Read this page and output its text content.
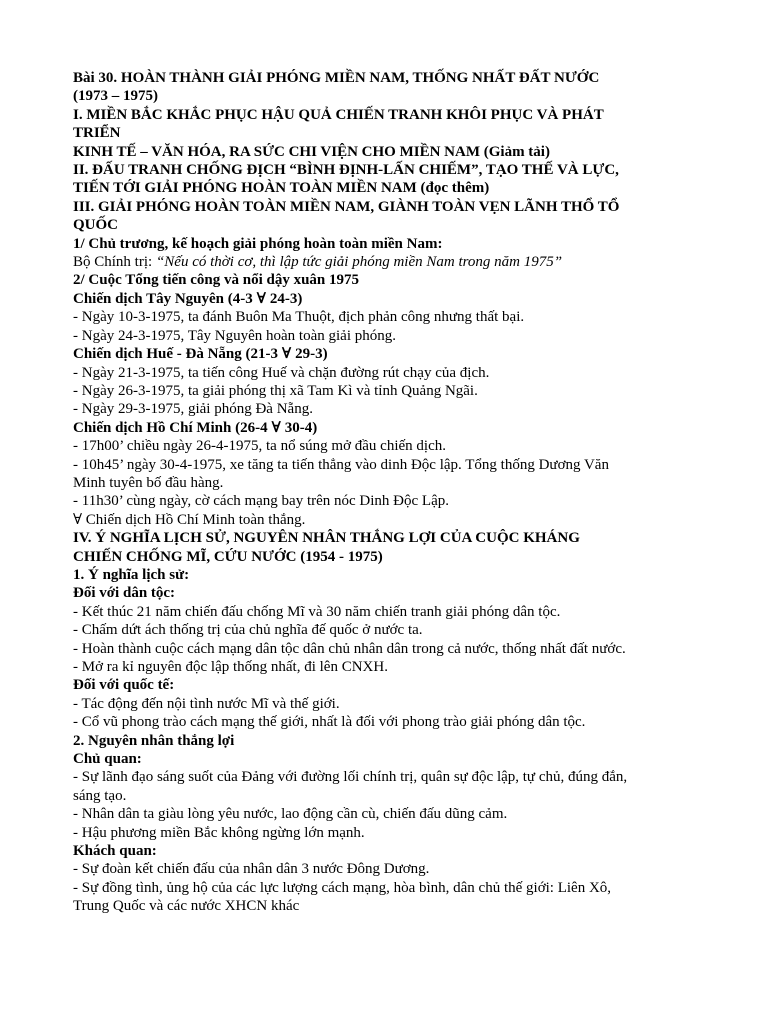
Bài 30. HOÀN THÀNH GIẢI PHÓNG MIỀN NAM, THỐNG NHẤT ĐẤT NƯỚC

(1973 – 1975)

I. MIỀN BẮC KHẮC PHỤC HẬU QUẢ CHIẾN TRANH KHÔI PHỤC VÀ PHÁT

TRIỂN

KINH TẾ – VĂN HÓA, RA SỨC CHI VIỆN CHO MIỀN NAM (Giảm tải)

II. ĐẤU TRANH CHỐNG ĐỊCH “BÌNH ĐỊNH-LẤN CHIẾM”, TẠO THẾ VÀ LỰC,

TIẾN TỚI GIẢI PHÓNG HOÀN TOÀN MIỀN NAM (đọc thêm)

III. GIẢI PHÓNG HOÀN TOÀN MIỀN NAM, GIÀNH TOÀN VẸN LÃNH THỔ TỔ

QUỐC

1/ Chủ trương, kế hoạch giải phóng hoàn toàn miền Nam:

Bộ Chính trị: “Nếu có thời cơ, thì lập tức giải phóng miền Nam trong năm 1975”

2/ Cuộc Tổng tiến công và nổi dậy xuân 1975

Chiến dịch Tây Nguyên (4-3 ∀ 24-3)

- Ngày 10-3-1975, ta đánh Buôn Ma Thuột, địch phản công nhưng thất bại.

- Ngày 24-3-1975, Tây Nguyên hoàn toàn giải phóng.

Chiến dịch Huế - Đà Nẵng (21-3 ∀ 29-3)

- Ngày 21-3-1975, ta tiến công Huế và chặn đường rút chạy của địch.

- Ngày 26-3-1975, ta giải phóng thị xã Tam Kì và tỉnh Quảng Ngãi.

- Ngày 29-3-1975, giải phóng Đà Nẵng.

Chiến dịch Hồ Chí Minh (26-4 ∀ 30-4)

- 17h00’ chiều ngày 26-4-1975, ta nổ súng mở đầu chiến dịch.

- 10h45’ ngày 30-4-1975, xe tăng ta tiến thẳng vào dinh Độc lập. Tổng thống Dương Văn

Minh tuyên bố đầu hàng.

- 11h30’ cùng ngày, cờ cách mạng bay trên nóc Dinh Độc Lập.

∀ Chiến dịch Hồ Chí Minh toàn thắng.

IV. Ý NGHĨA LỊCH SỬ, NGUYÊN NHÂN THẮNG LỢI CỦA CUỘC KHÁNG

CHIẾN CHỐNG MĨ, CỨU NƯỚC (1954 - 1975)

1. Ý nghĩa lịch sử:

Đối với dân tộc:

- Kết thúc 21 năm chiến đấu chống Mĩ và 30 năm chiến tranh giải phóng dân tộc.

- Chấm dứt ách thống trị của chủ nghĩa đế quốc ở nước ta.

- Hoàn thành cuộc cách mạng dân tộc dân chủ nhân dân trong cả nước, thống nhất đất nước.

- Mở ra kỉ nguyên độc lập thống nhất, đi lên CNXH.

Đối với quốc tế:

- Tác động đến nội tình nước Mĩ và thế giới.

- Cổ vũ phong trào cách mạng thế giới, nhất là đối với phong trào giải phóng dân tộc.

2. Nguyên nhân thắng lợi

Chủ quan:

- Sự lãnh đạo sáng suốt của Đảng với đường lối chính trị, quân sự độc lập, tự chủ, đúng đắn,

sáng tạo.

- Nhân dân ta giàu lòng yêu nước, lao động cần cù, chiến đấu dũng cảm.

- Hậu phương miền Bắc không ngừng lớn mạnh.

Khách quan:

- Sự đoàn kết chiến đấu của nhân dân 3 nước Đông Dương.

- Sự đồng tình, ủng hộ của các lực lượng cách mạng, hòa bình, dân chủ thế giới: Liên Xô,

Trung Quốc và các nước XHCN khác
